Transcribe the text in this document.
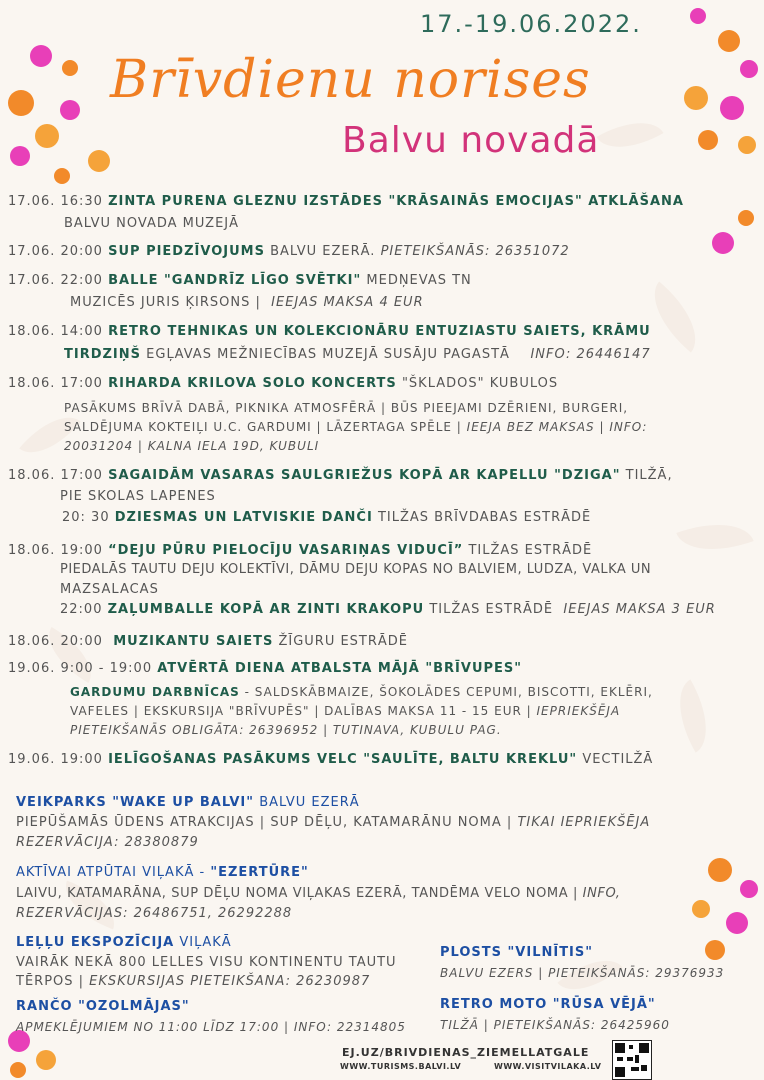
17.-19.06.2022.
Brīvdienu norises
Balvu novadā
17.06. 16:30 ZINTA PURENA GLEZNU IZSTĀDES "KRĀSAINĀS EMOCIJAS" ATKLĀŠANA
BALVU NOVADA MUZEJĀ
17.06. 20:00 SUP PIEDZĪVOJUMS BALVU EZERĀ. PIETEIKŠANĀS: 26351072
17.06. 22:00 BALLE "GANDRĪZ LĪGO SVĒTKI" MEDŅEVAS TN
MUZICĒS JURIS ĶIRSONS | IEEJAS MAKSA 4 EUR
18.06. 14:00 RETRO TEHNIKAS UN KOLEKCIONĀRU ENTUZIASTU SAIETS, KRĀMU
TIRDZIŅŠ EGĻAVAS MEŽNIECĪBAS MUZEJĀ SUSĀJU PAGASTĀ INFO: 26446147
18.06. 17:00 RIHARDA KRILOVA SOLO KONCERTS "ŠKLADOS" KUBULOS
PASĀKUMS BRĪVĀ DABĀ, PIKNIKA ATMOSFĒRĀ | BŪS PIEEJAMI DZĒRIENI, BURGERI,
SALDĒJUMA KOKTEIĻI U.C. GARDUMI | LĀZERTAGA SPĒLE | IEEJA BEZ MAKSAS | INFO:
20031204 | KALNA IELA 19D, KUBULI
18.06. 17:00 SAGAIDĀM VASARAS SAULGRIEŽUS KOPĀ AR KAPELLU "DZIGA" TILŽĀ,
PIE SKOLAS LAPENES
20: 30 DZIESMAS UN LATVISKIE DANČI TILŽAS BRĪVDABAS ESTRĀDĒ
18.06. 19:00 “DEJU PŪRU PIELOCĪJU VASARIŅAS VIDUCĪ” TILŽAS ESTRĀDĒ
PIEDALĀS TAUTU DEJU KOLEKTĪVI, DĀMU DEJU KOPAS NO BALVIEM, LUDZA, VALKA UN
MAZSALACAS
22:00 ZAĻUMBALLE KOPĀ AR ZINTI KRAKOPU TILŽAS ESTRĀDĒ IEEJAS MAKSA 3 EUR
18.06. 20:00 MUZIKANTU SAIETS ŽĪGURU ESTRĀDĒ
19.06. 9:00 - 19:00 ATVĒRTĀ DIENA ATBALSTA MĀJĀ "BRĪVUPES"
GARDUMU DARBNĪCAS - SALDSKĀBMAIZE, ŠOKOLĀDES CEPUMI, BISCOTTI, EKLĒRI,
VAFELES | EKSKURSIJA "BRĪVUPĒS" | DALĪBAS MAKSA 11 - 15 EUR | IEPRIEKŠĒJA
PIETEIKŠANĀS OBLIGĀTA: 26396952 | TUTINAVA, KUBULU PAG.
19.06. 19:00 IELĪGOŠANAS PASĀKUMS VELC "SAULĪTE, BALTU KREKLU" VECTILŽĀ
VEIKPARKS "WAKE UP BALVI" BALVU EZERĀ
PIEPŪŠAMĀS ŪDENS ATRAKCIJAS | SUP DĒĻU, KATAMARĀNU NOMA | TIKAI IEPRIEKŠĒJA
REZERVĀCIJA: 28380879
AKTĪVAI ATPŪTAI VIĻAKĀ - "EZERTŪRE"
LAIVU, KATAMARĀNA, SUP DĒĻU NOMA VIĻAKAS EZERĀ, TANDĒMA VELO NOMA | INFO,
REZERVĀCIJAS: 26486751, 26292288
LEĻĻU EKSPOZĪCIJA VIĻAKĀ
VAIRĀK NEKĀ 800 LELLES VISU KONTINENTU TAUTU
TĒRPOS | EKSKURSIJAS PIETEIKŠANA: 26230987
RANČO "OZOLMĀJAS"
APMEKLĒJUMIEM NO 11:00 LĪDZ 17:00 | INFO: 22314805
PLOSTS "VILNĪTIS"
BALVU EZERS | PIETEIKŠANĀS: 29376933
RETRO MOTO "RŪSA VĒJĀ"
TILŽĀ | PIETEIKŠANĀS: 26425960
EJ.UZ/BRIVDIENAS_ZIEMELLATGALE
WWW.TURISMS.BALVI.LV	WWW.VISITVILAKA.LV
